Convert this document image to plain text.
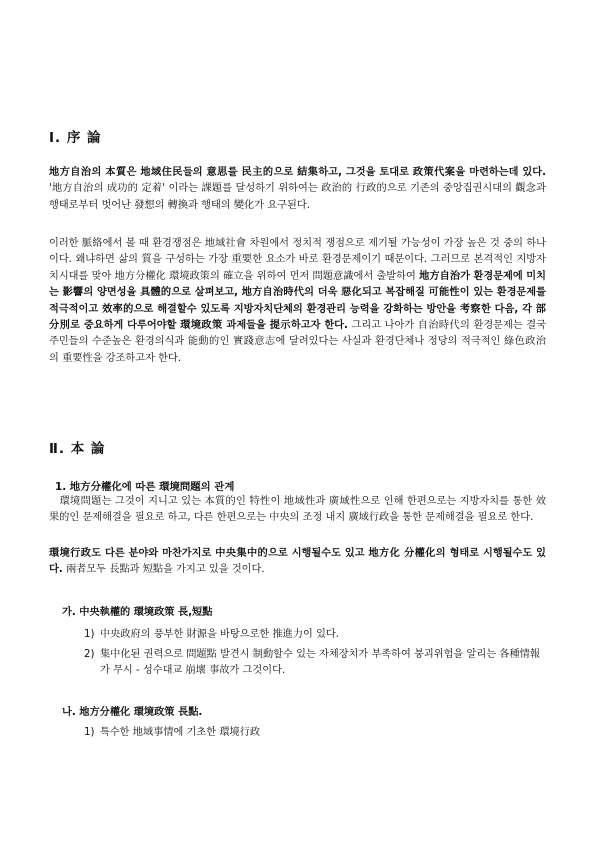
Ⅰ. 序 論

地方自治의 本質은 地域住民들의 意思를 民主的으로 結集하고, 그것을 토대로 政策代案을 마련하는데 있다. '地方自治의 成功的 定着' 이라는 課題를 달성하기 위하여는 政治的 行政的으로 기존의 중앙집권시대의 觀念과 행태로부터 벗어난 發想의 轉換과 행태의 變化가 요구된다.

이러한 脈絡에서 볼 때 환경쟁점은 地域社會 차원에서 정치적 쟁점으로 제기될 가능성이 가장 높은 것 중의 하나이다. 왜냐하면 삶의 質을 구성하는 가장 重要한 요소가 바로 환경문제이기 때문이다. 그러므로 본격적인 지방자치시대를 맞아 地方分權化 環境政策의 確立을 위하여 먼저 問題意識에서 출발하여 地方自治가 환경문제에 미치는 影響의 양면성을 具體的으로 살펴보고, 地方自治時代의 더욱 惡化되고 복잡해질 可能性이 있는 환경문제를 적극적이고 效率的으로 해결할수 있도록 지방자치단체의 환경관리 능력을 강화하는 방안을 考察한 다음, 각 部分別로 중요하게 다루어야할 環境政策 과제들을 提示하고자 한다. 그리고 나아가 自治時代의 환경문제는 결국 주민들의 수준높은 환경의식과 能動的인 實踐意志에 달려있다는 사실과 환경단체나 정당의 적극적인 綠色政治의 重要性을 강조하고자 한다.

Ⅱ. 本 論
1. 地方分權化에 따른 環境問題의 관계

　環境問題는 그것이 지니고 있는 本質的인 特性이 地域性과 廣域性으로 인해 한편으로는 지방자치를 통한 效果的인 문제해결을 필요로 하고, 다른 한편으로는 中央의 조정 내지 廣域行政을 통한 문제해결을 필요로 한다.

環境行政도 다른 분야와 마찬가지로 中央集中的으로 시행될수도 있고 地方化 分權化의 형태로 시행될수도 있다. 兩者모두 長點과 短點을 가지고 있을 것이다.

가. 中央執權的 環境政策 長,短點
1) 中央政府의 풍부한 財源을 바탕으로한 推進力이 있다.
2) 集中化된 권력으로 問題點 발견시 制動할수 있는 자체장치가 부족하여 붕괴위험을 알리는 各種情報가 무시 - 성수대교 崩壞 事故가 그것이다.
나. 地方分權化 環境政策 長點.
1) 특수한 地域事情에 기초한 環境行政
